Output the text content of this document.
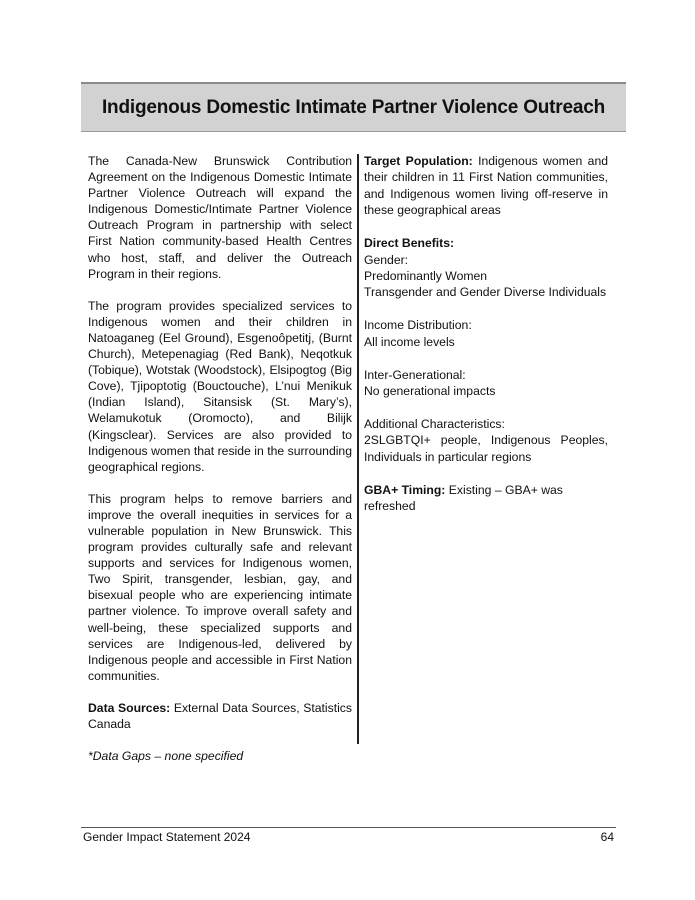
Indigenous Domestic Intimate Partner Violence Outreach

The Canada-New Brunswick Contribution Agreement on the Indigenous Domestic Intimate Partner Violence Outreach will expand the Indigenous Domestic/Intimate Partner Violence Outreach Program in partnership with select First Nation community-based Health Centres who host, staff, and deliver the Outreach Program in their regions.

The program provides specialized services to Indigenous women and their children in Natoaganeg (Eel Ground), Esgenoôpetitj, (Burnt Church), Metepenagiag (Red Bank), Neqotkuk (Tobique), Wotstak (Woodstock), Elsipogtog (Big Cove), Tjipoptotig (Bouctouche), L’nui Menikuk (Indian Island), Sitansisk (St. Mary’s), Welamukotuk (Oromocto), and Bilijk (Kingsclear). Services are also provided to Indigenous women that reside in the surrounding geographical regions.

This program helps to remove barriers and improve the overall inequities in services for a vulnerable population in New Brunswick. This program provides culturally safe and relevant supports and services for Indigenous women, Two Spirit, transgender, lesbian, gay, and bisexual people who are experiencing intimate partner violence. To improve overall safety and well-being, these specialized supports and services are Indigenous-led, delivered by Indigenous people and accessible in First Nation communities.

Data Sources: External Data Sources, Statistics Canada

*Data Gaps – none specified

Target Population: Indigenous women and their children in 11 First Nation communities, and Indigenous women living off-reserve in these geographical areas

Direct Benefits:
Gender:
Predominantly Women
Transgender and Gender Diverse Individuals

Income Distribution:
All income levels

Inter-Generational:
No generational impacts

Additional Characteristics:
2SLGBTQI+ people, Indigenous Peoples, Individuals in particular regions

GBA+ Timing: Existing – GBA+ was refreshed

Gender Impact Statement 2024	64
